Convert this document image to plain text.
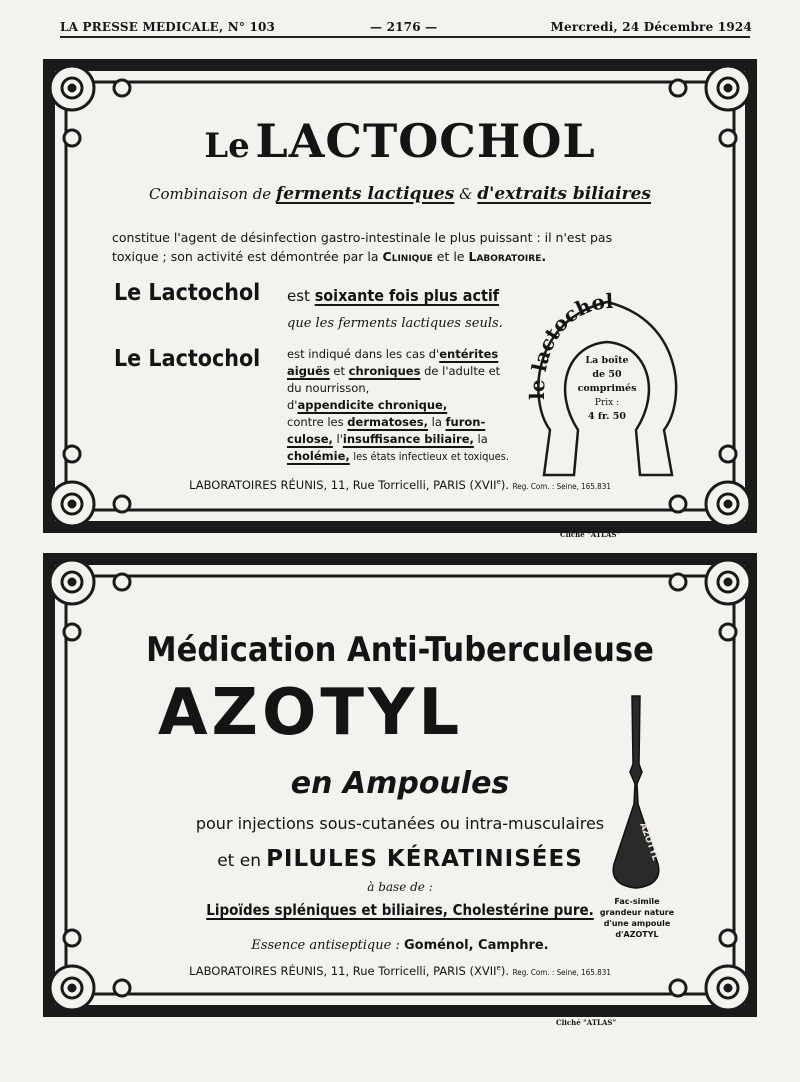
LA PRESSE MEDICALE, N° 103	— 2176 —	Mercredi, 24 Décembre 1924
Le LACTOCHOL
Combinaison de ferments lactiques & d'extraits biliaires
constitue l'agent de désinfection gastro-intestinale le plus puissant : il n'est pas
toxique ; son activité est démontrée par la Clinique et le Laboratoire.
Le Lactochol est soixante fois plus actif
que les ferments lactiques seuls.
Le Lactochol est indiqué dans les cas d'entérites
aiguës et chroniques de l'adulte et
du nourrisson,
d'appendicite chronique,
contre les dermatoses, la furon-
culose, l'insuffisance biliaire, la
cholémie, les états infectieux et toxiques.
le lactochol
La boîte
de 50
comprimés
Prix :
4 fr. 50
LABORATOIRES RÉUNIS, 11, Rue Torricelli, PARIS (XVIIe). Reg. Com. : Seine, 165.831
Cliché "ATLAS"
Médication Anti-Tuberculeuse
AZOTYL
en Ampoules
pour injections sous-cutanées ou intra-musculaires
et en PILULES KÉRATINISÉES
à base de :
Lipoïdes spléniques et biliaires, Cholestérine pure.
Essence antiseptique : Goménol, Camphre.
AZOTYL
Fac-simile
grandeur nature
d'une ampoule
d'AZOTYL
LABORATOIRES RÉUNIS, 11, Rue Torricelli, PARIS (XVIIe). Reg. Com. : Seine, 165.831
Cliché "ATLAS"
